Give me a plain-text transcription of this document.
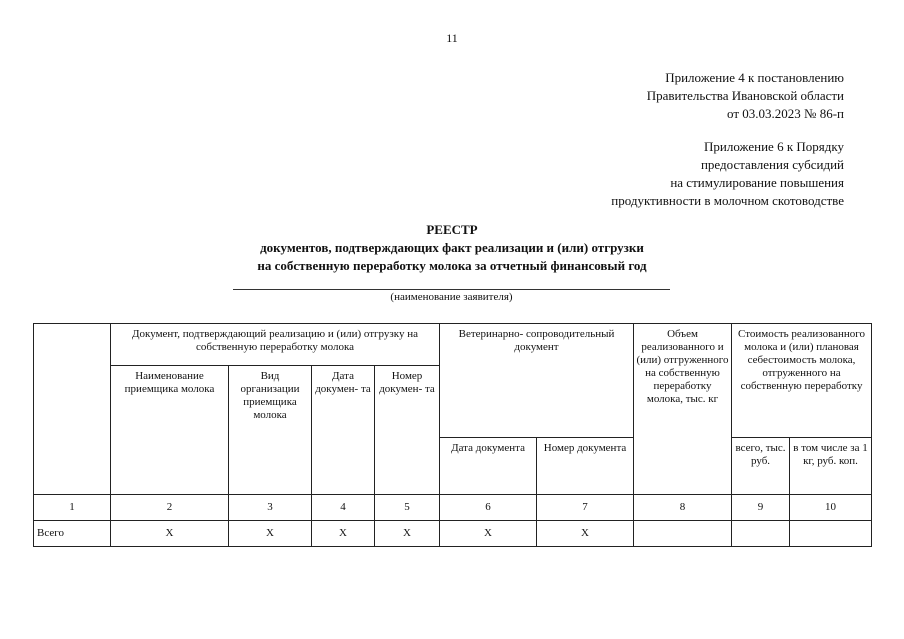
11
Приложение 4 к постановлению
Правительства Ивановской области
от 03.03.2023 № 86-п
Приложение 6 к Порядку
предоставления субсидий
на стимулирование повышения
продуктивности в молочном скотоводстве
РЕЕСТР
документов, подтверждающих факт реализации и (или) отгрузки
на собственную переработку молока за отчетный финансовый год
(наименование заявителя)
	Документ, подтверждающий реализацию и (или) отгрузку на собственную переработку молока				Ветеринарно- сопроводительный документ		Объем реализованного и (или) отгруженного на собственную переработку молока, тыс. кг	Стоимость реализованного молока и (или) плановая себестоимость молока, отгруженного на собственную переработку	
	Наименование приемщика молока	Вид организации приемщика молока	Дата докумен- та	Номер докумен- та					
					Дата документа	Номер документа		всего, тыс. руб.	в том числе за 1 кг, руб. коп.
1	2	3	4	5	6	7	8	9	10
Всего	Х	Х	Х	Х	Х	Х			
